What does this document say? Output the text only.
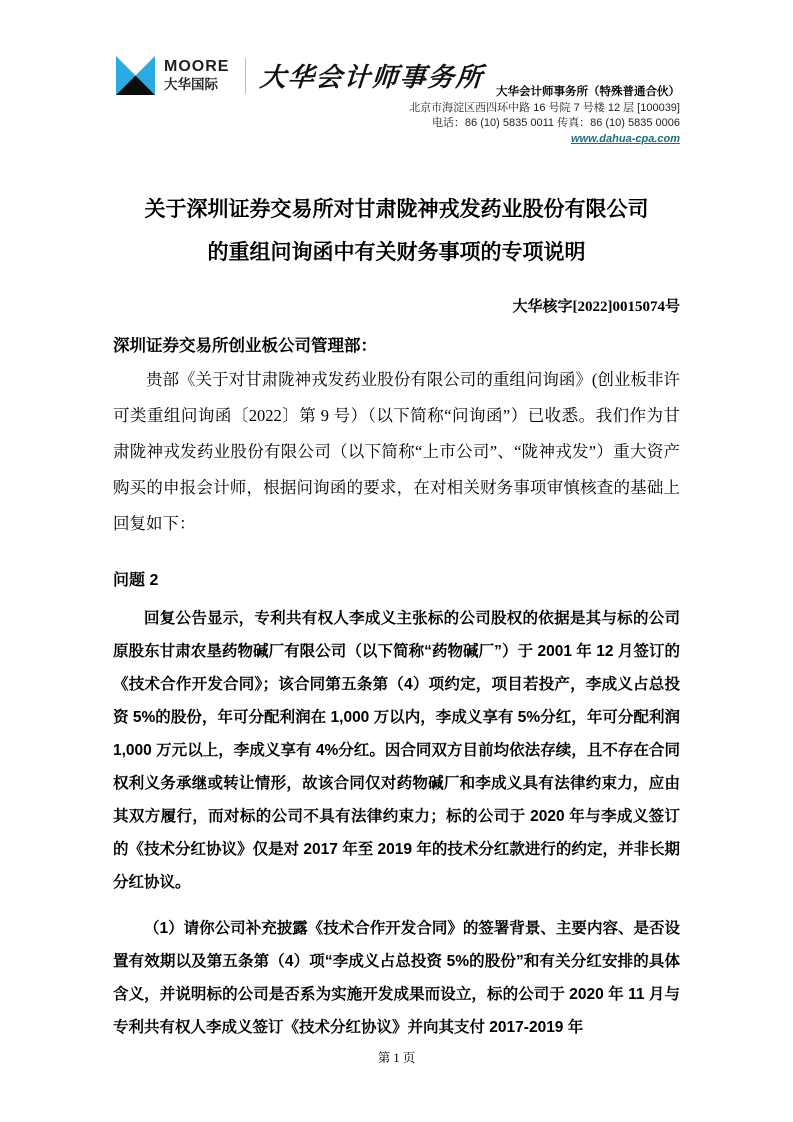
MOORE
大华国际	大华会计师事务所 大华会计师事务所（特殊普通合伙）
北京市海淀区西四环中路 16 号院 7 号楼 12 层 [100039]
电话：86 (10) 5835 0011 传真：86 (10) 5835 0006
www.dahua-cpa.com
关于深圳证券交易所对甘肃陇神戎发药业股份有限公司
的重组问询函中有关财务事项的专项说明
大华核字[2022]0015074号
深圳证券交易所创业板公司管理部：

贵部《关于对甘肃陇神戎发药业股份有限公司的重组问询函》(创业板非许可类重组问询函〔2022〕第 9 号）（以下简称“问询函”）已收悉。我们作为甘肃陇神戎发药业股份有限公司（以下简称“上市公司”、“陇神戎发”）重大资产购买的申报会计师，根据问询函的要求，在对相关财务事项审慎核查的基础上回复如下：

问题 2

回复公告显示，专利共有权人李成义主张标的公司股权的依据是其与标的公司原股东甘肃农垦药物碱厂有限公司（以下简称“药物碱厂”）于 2001 年 12 月签订的《技术合作开发合同》；该合同第五条第（4）项约定，项目若投产，李成义占总投资 5%的股份，年可分配利润在 1,000 万以内，李成义享有 5%分红，年可分配利润 1,000 万元以上，李成义享有 4%分红。因合同双方目前均依法存续，且不存在合同权利义务承继或转让情形，故该合同仅对药物碱厂和李成义具有法律约束力，应由其双方履行，而对标的公司不具有法律约束力；标的公司于 2020 年与李成义签订的《技术分红协议》仅是对 2017 年至 2019 年的技术分红款进行的约定，并非长期分红协议。

（1）请你公司补充披露《技术合作开发合同》的签署背景、主要内容、是否设置有效期以及第五条第（4）项“李成义占总投资 5%的股份”和有关分红安排的具体含义，并说明标的公司是否系为实施开发成果而设立，标的公司于 2020 年 11 月与专利共有权人李成义签订《技术分红协议》并向其支付 2017-2019 年

第 1 页
